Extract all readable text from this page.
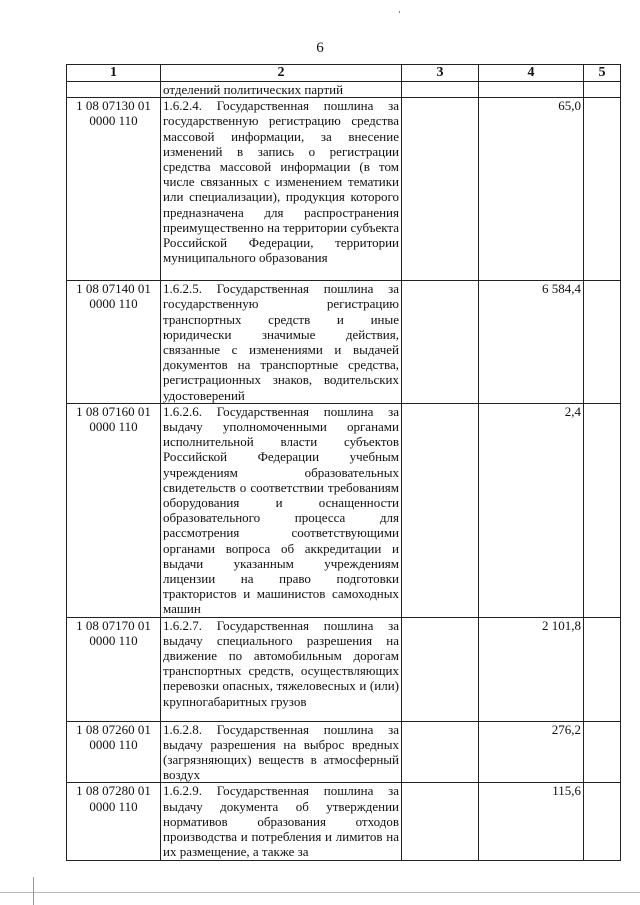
6
1	2	3	4	5
	отделений политических партий			

1 08 07130 01
0000 110	1.6.2.4. Государственная пошлина за государственную регистрацию средства массовой информации, за внесение изменений в запись о регистрации средства массовой информации (в том числе связанных с изменением тематики или специализации), продукция которого предназначена для распространения преимущественно на территории субъекта Российской Федерации, территории муниципального образования		65,0	

1 08 07140 01
0000 110	1.6.2.5. Государственная пошлина за государственную регистрацию транспортных средств и иные юридически значимые действия, связанные с изменениями и выдачей документов на транспортные средства, регистрационных знаков, водительских удостоверений		6 584,4	

1 08 07160 01
0000 110	1.6.2.6. Государственная пошлина за выдачу уполномоченными органами исполнительной власти субъектов Российской Федерации учебным учреждениям образовательных свидетельств о соответствии требованиям оборудования и оснащенности образовательного процесса для рассмотрения соответствующими органами вопроса об аккредитации и выдачи указанным учреждениям лицензии на право подготовки трактористов и машинистов самоходных машин		2,4	

1 08 07170 01
0000 110	1.6.2.7. Государственная пошлина за выдачу специального разрешения на движение по автомобильным дорогам транспортных средств, осуществляющих перевозки опасных, тяжеловесных и (или) крупногабаритных грузов		2 101,8	

1 08 07260 01
0000 110	1.6.2.8. Государственная пошлина за выдачу разрешения на выброс вредных (загрязняющих) веществ в атмосферный воздух		276,2	

1 08 07280 01
0000 110	1.6.2.9. Государственная пошлина за выдачу документа об утверждении нормативов образования отходов производства и потребления и лимитов на их размещение, а также за		115,6	
